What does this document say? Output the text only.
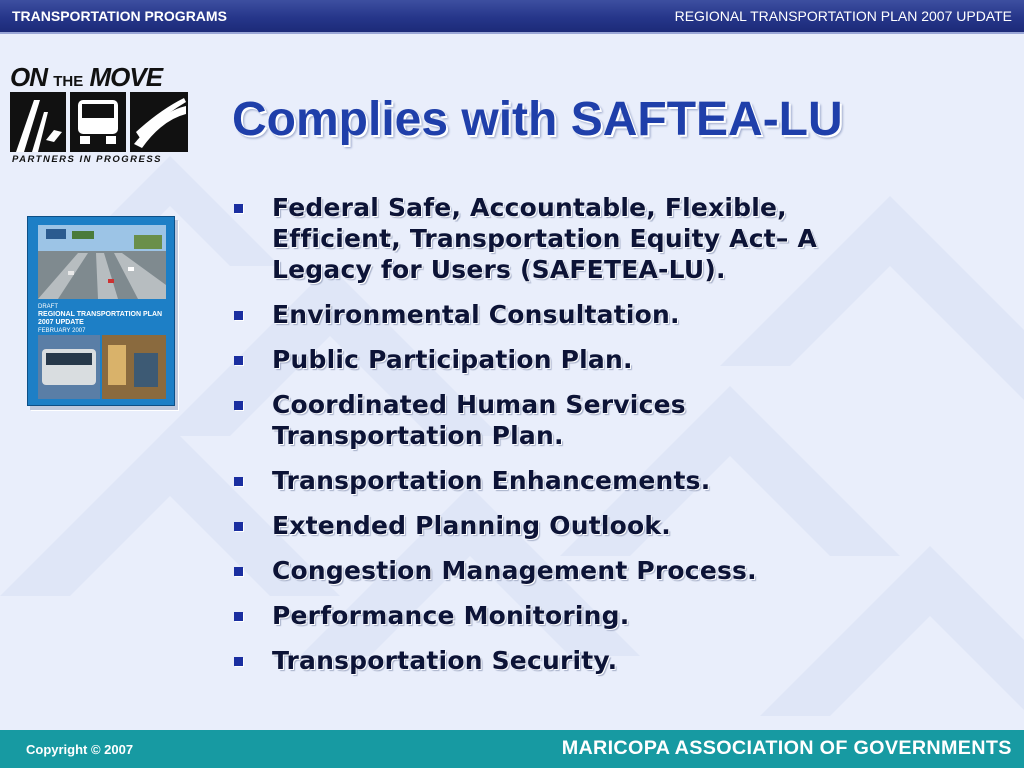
TRANSPORTATION PROGRAMS	REGIONAL TRANSPORTATION PLAN 2007 UPDATE
ON THE MOVE
PARTNERS IN PROGRESS
DRAFT
REGIONAL TRANSPORTATION PLAN
2007 UPDATE
FEBRUARY 2007
Complies with SAFTEA-LU
Federal Safe, Accountable, Flexible, Efficient, Transportation Equity Act– A Legacy for Users (SAFETEA-LU).
Environmental Consultation.
Public Participation Plan.
Coordinated Human Services Transportation Plan.
Transportation Enhancements.
Extended Planning Outlook.
Congestion Management Process.
Performance Monitoring.
Transportation Security.
Copyright © 2007	MARICOPA ASSOCIATION OF GOVERNMENTS
